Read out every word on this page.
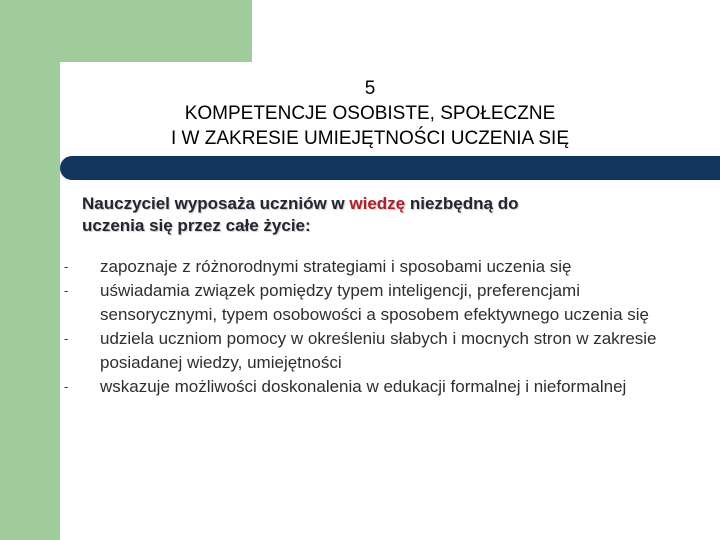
5
KOMPETENCJE OSOBISTE, SPOŁECZNE
I W ZAKRESIE UMIEJĘTNOŚCI UCZENIA SIĘ
Nauczyciel wyposaża uczniów w wiedzę niezbędną do
uczenia się przez całe życie:
-	zapoznaje z różnorodnymi strategiami i sposobami uczenia się
-	uświadamia związek pomiędzy typem inteligencji, preferencjami sensorycznymi, typem osobowości a sposobem efektywnego uczenia się
-	udziela uczniom pomocy w określeniu słabych i mocnych stron w zakresie posiadanej wiedzy, umiejętności
-	wskazuje możliwości doskonalenia w edukacji formalnej i nieformalnej
